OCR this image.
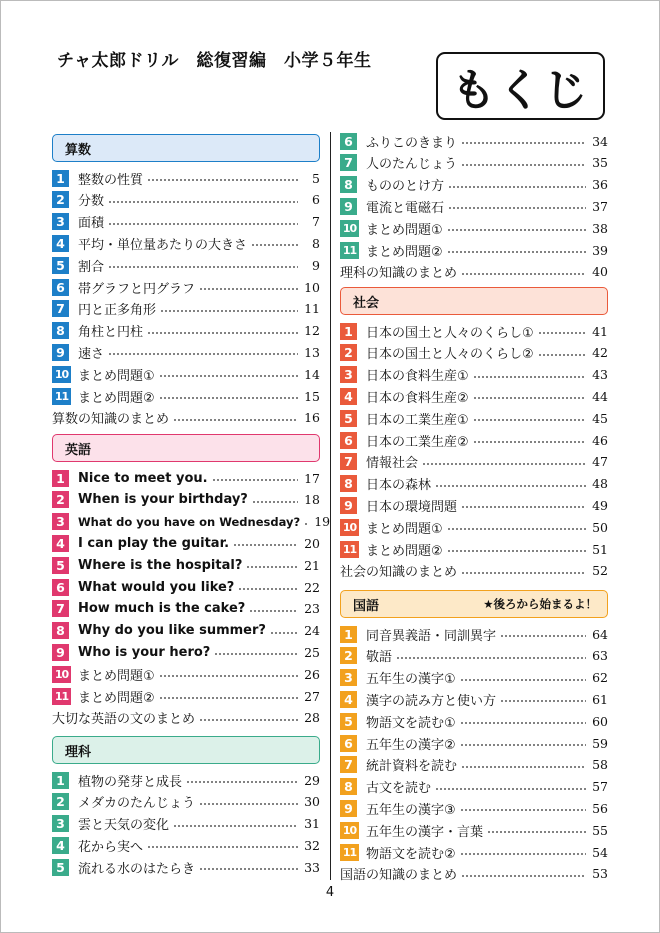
チャ太郎ドリル　総復習編　小学５年生
もくじ
算数
1	整数の性質	5
2	分数	6
3	面積	7
4	平均・単位量あたりの大きさ	8
5	割合	9
6	帯グラフと円グラフ	10
7	円と正多角形	11
8	角柱と円柱	12
9	速さ	13
10 まとめ問題①	14
11 まとめ問題②	15
算数の知識のまとめ	16
英語
1	Nice to meet you.	17
2	When is your birthday?	18
3	What do you have on Wednesday? 19
4	I can play the guitar.	20
5	Where is the hospital?	21
6	What would you like?	22
7	How much is the cake?	23
8	Why do you like summer?	24
9	Who is your hero?	25
10 まとめ問題①	26
11 まとめ問題②	27
大切な英語の文のまとめ	28
理科
1	植物の発芽と成長	29
2	メダカのたんじょう	30
3	雲と天気の変化	31
4	花から実へ	32
5	流れる水のはたらき	33
6	ふりこのきまり	34
7	人のたんじょう	35
8	もののとけ方	36
9	電流と電磁石	37
10 まとめ問題①	38
11 まとめ問題②	39
理科の知識のまとめ	40
社会
1	日本の国土と人々のくらし①	41
2	日本の国土と人々のくらし②	42
3	日本の食料生産①	43
4	日本の食料生産②	44
5	日本の工業生産①	45
6	日本の工業生産②	46
7	情報社会	47
8	日本の森林	48
9	日本の環境問題	49
10 まとめ問題①	50
11 まとめ問題②	51
社会の知識のまとめ	52
国語	★後ろから始まるよ！
1	同音異義語・同訓異字	64
2	敬語	63
3	五年生の漢字①	62
4	漢字の読み方と使い方	61
5	物語文を読む①	60
6	五年生の漢字②	59
7	統計資料を読む	58
8	古文を読む	57
9	五年生の漢字③	56
10 五年生の漢字・言葉	55
11 物語文を読む②	54
国語の知識のまとめ	53
4
